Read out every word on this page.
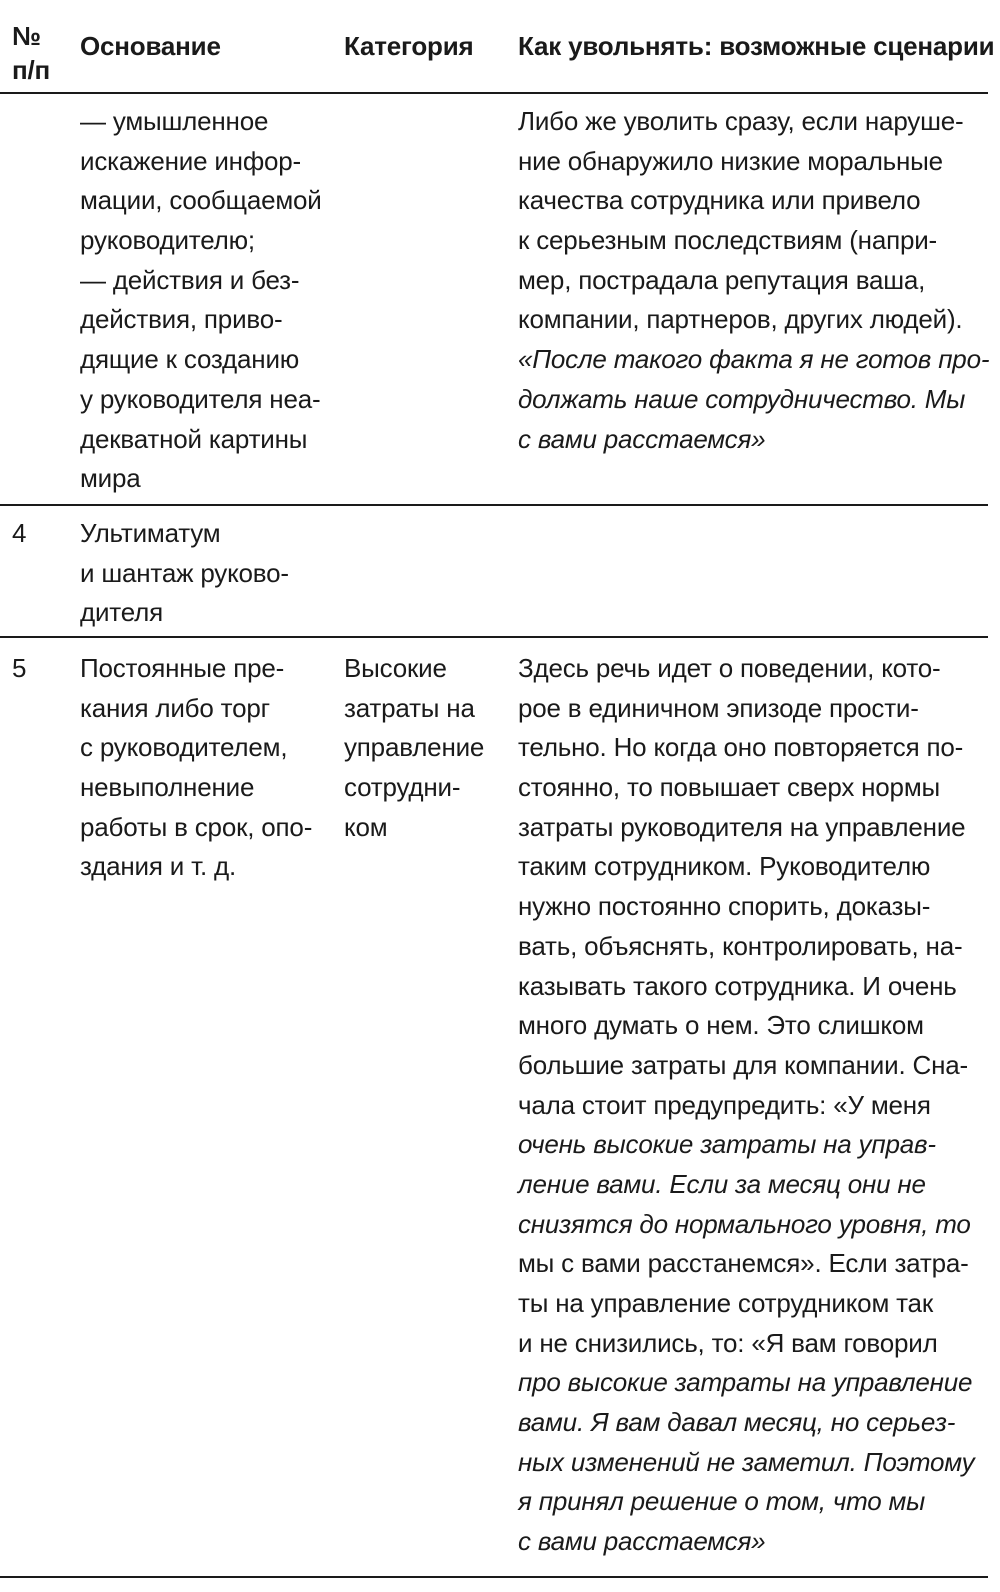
№
п/п
Основание	Категория Как увольнять: возможные сценарии
— умышленное
искажение инфор-
мации, сообщаемой
руководителю;
— действия и без-
действия, приво-
дящие к созданию
у руководителя неа-
декватной картины
мира
Либо же уволить сразу, если наруше-
ние обнаружило низкие моральные
качества сотрудника или привело
к серьезным последствиям (напри-
мер, пострадала репутация ваша,
компании, партнеров, других людей).
«После такого факта я не готов про-
должать наше сотрудничество. Мы
с вами расстаемся»
4 Ультиматум
и шантаж руково-
дителя
5 Постоянные пре-
кания либо торг
с руководителем,
невыполнение
работы в срок, опо-
здания и т. д.
Высокие
затраты на
управление
сотрудни-
ком
Здесь речь идет о поведении, кото-
рое в единичном эпизоде прости-
тельно. Но когда оно повторяется по-
стоянно, то повышает сверх нормы
затраты руководителя на управление
таким сотрудником. Руководителю
нужно постоянно спорить, доказы-
вать, объяснять, контролировать, на-
казывать такого сотрудника. И очень
много думать о нем. Это слишком
большие затраты для компании. Сна-
чала стоит предупредить: «У меня
очень высокие затраты на управ-
ление вами. Если за месяц они не
снизятся до нормального уровня, то
мы с вами расстанемся». Если затра-
ты на управление сотрудником так
и не снизились, то: «Я вам говорил
про высокие затраты на управление
вами. Я вам давал месяц, но серьез-
ных изменений не заметил. Поэтому
я принял решение о том, что мы
с вами расстаемся»
